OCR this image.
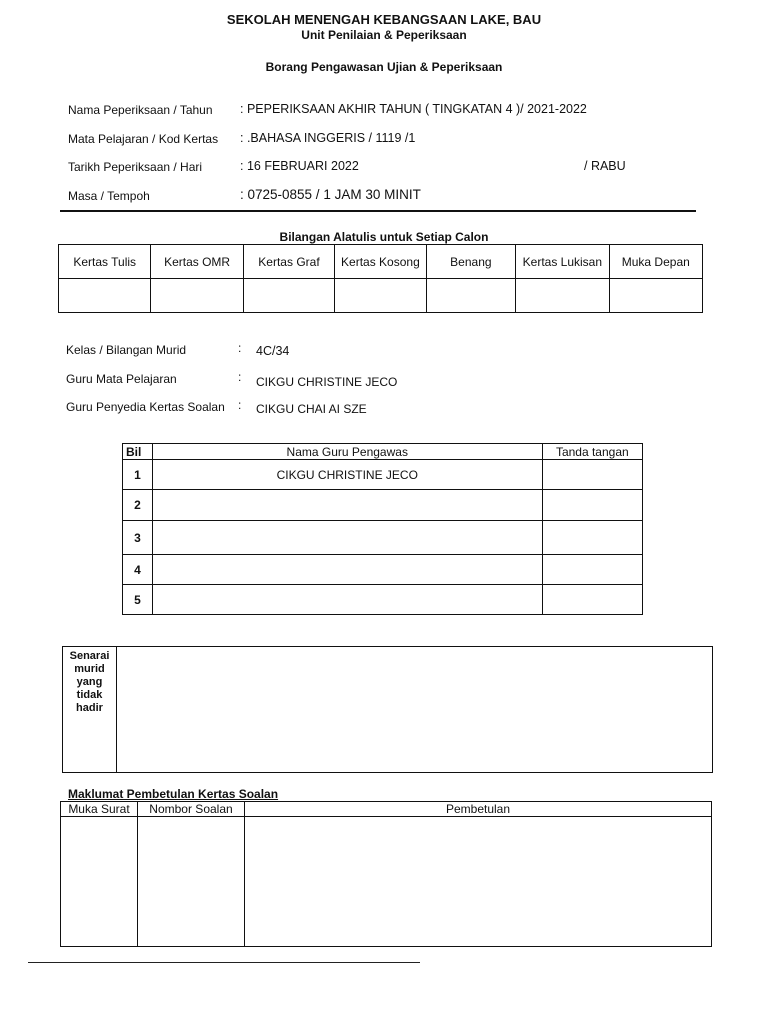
SEKOLAH MENENGAH KEBANGSAAN LAKE, BAU
Unit Penilaian & Peperiksaan
Borang Pengawasan Ujian & Peperiksaan
Nama Peperiksaan / Tahun : PEPERIKSAAN AKHIR TAHUN ( TINGKATAN 4 )/ 2021-2022
Mata Pelajaran / Kod Kertas : .BAHASA INGGERIS / 1119 /1
Tarikh Peperiksaan / Hari	: 16 FEBRUARI 2022	/ RABU
Masa / Tempoh	: 0725-0855 / 1 JAM 30 MINIT
Bilangan Alatulis untuk Setiap Calon
Kertas Tulis	Kertas OMR	Kertas Graf	Kertas Kosong	Benang	Kertas Lukisan	Muka Depan

Kelas / Bilangan Murid	: 4C/34
Guru Mata Pelajaran	: CIKGU CHRISTINE JECO
Guru Penyedia Kertas Soalan : CIKGU CHAI AI SZE
Bil	Nama Guru Pengawas	Tanda tangan
1	CIKGU CHRISTINE JECO	
2		
3		
4		
5		
Senarai
murid
yang
tidak
hadir

Maklumat Pembetulan Kertas Soalan
Muka Surat	Nombor Soalan	Pembetulan
